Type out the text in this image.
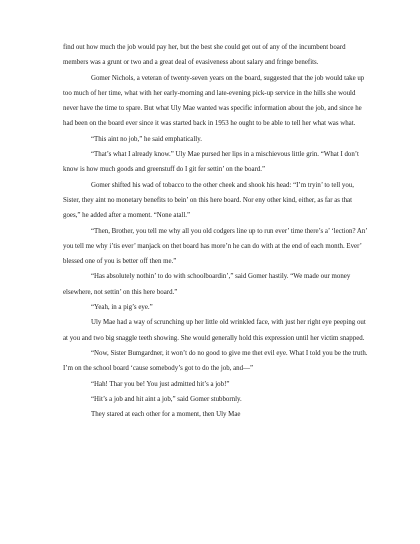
find out how much the job would pay her, but the best she could get out of any of the incumbent board members was a grunt or two and a great deal of evasiveness about salary and fringe benefits.

Gomer Nichols, a veteran of twenty-seven years on the board, suggested that the job would take up too much of her time, what with her early-morning and late-evening pick-up service in the hills she would never have the time to spare. But what Uly Mae wanted was specific information about the job, and since he had been on the board ever since it was started back in 1953 he ought to be able to tell her what was what.

“This aint no job,” he said emphatically.

“That’s what I already know.” Uly Mae pursed her lips in a mischievous little grin. “What I don’t know is how much goods and greenstuff do I git fer settin’ on the board.”

Gomer shifted his wad of tobacco to the other cheek and shook his head: “I’m tryin’ to tell you, Sister, they aint no monetary benefits to bein’ on this here board. Nor eny other kind, either, as far as that goes,” he added after a moment. “None atall.”

“Then, Brother, you tell me why all you old codgers line up to run ever’ time there’s a’ ‘lection? An’ you tell me why i’tis ever’ manjack on thet board has more’n he can do with at the end of each month. Ever’ blessed one of you is better off then me.”

“Has absolutely nothin’ to do with schoolboardin’,” said Gomer hastily. “We made our money elsewhere, not settin’ on this here board.”

“Yeah, in a pig’s eye.”

Uly Mae had a way of scrunching up her little old wrinkled face, with just her right eye peeping out at you and two big snaggle teeth showing. She would generally hold this expression until her victim snapped.

“Now, Sister Bumgardner, it won’t do no good to give me thet evil eye. What I told you be the truth. I’m on the school board ‘cause somebody’s got to do the job, and—”

“Hah! Thar you be! You just admitted hit’s a job!”

“Hit’s a job and hit aint a job,” said Gomer stubbornly.

They stared at each other for a moment, then Uly Mae
